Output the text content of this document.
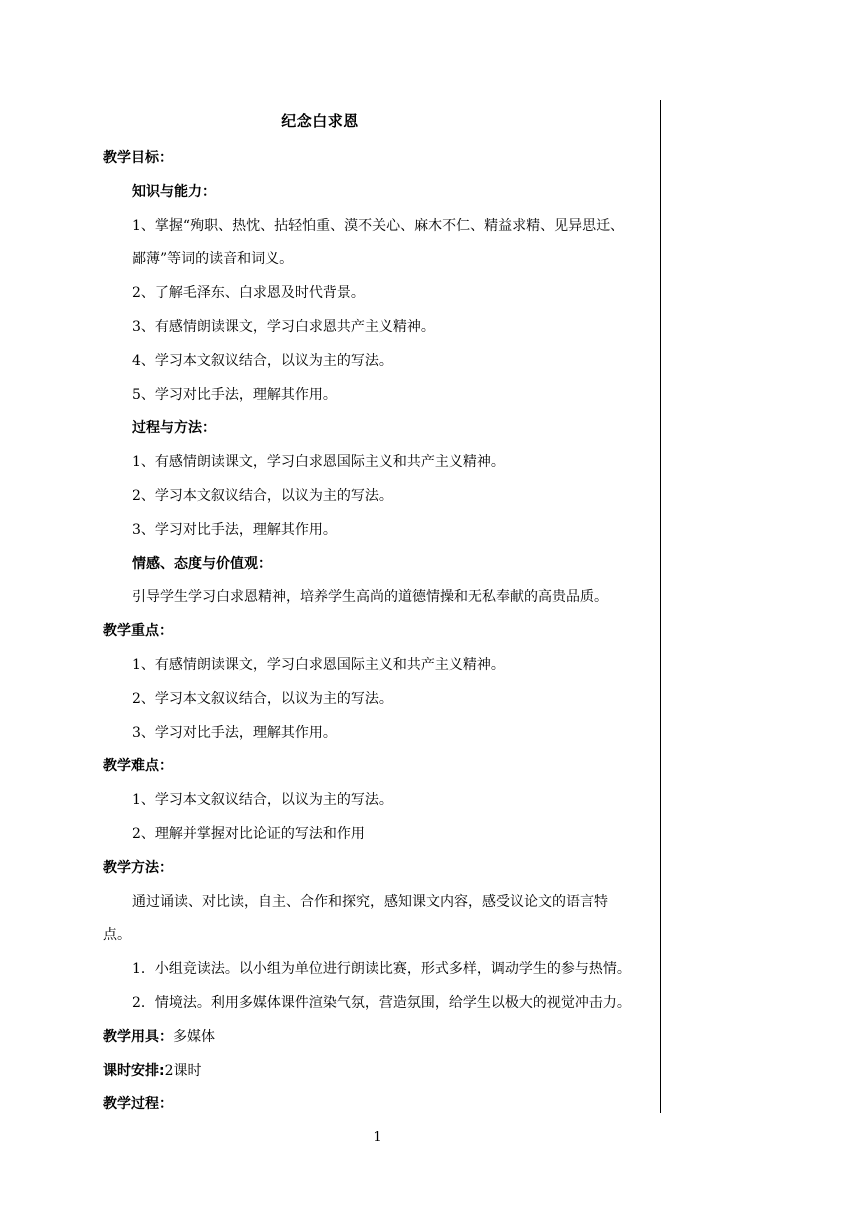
纪念白求恩
教学目标：
知识与能力：
1、掌握“殉职、热忱、拈轻怕重、漠不关心、麻木不仁、精益求精、见异思迁、
鄙薄”等词的读音和词义。
2、了解毛泽东、白求恩及时代背景。
3、有感情朗读课文，学习白求恩共产主义精神。
4、学习本文叙议结合，以议为主的写法。
5、学习对比手法，理解其作用。
过程与方法：
1、有感情朗读课文，学习白求恩国际主义和共产主义精神。
2、学习本文叙议结合，以议为主的写法。
3、学习对比手法，理解其作用。
情感、态度与价值观：
引导学生学习白求恩精神，培养学生高尚的道德情操和无私奉献的高贵品质。
教学重点：
1、有感情朗读课文，学习白求恩国际主义和共产主义精神。
2、学习本文叙议结合，以议为主的写法。
3、学习对比手法，理解其作用。
教学难点：
1、学习本文叙议结合，以议为主的写法。
2、理解并掌握对比论证的写法和作用
教学方法：
通过诵读、对比读，自主、合作和探究，感知课文内容，感受议论文的语言特
点。
1．小组竞读法。以小组为单位进行朗读比赛，形式多样，调动学生的参与热情。
2．情境法。利用多媒体课件渲染气氛，营造氛围，给学生以极大的视觉冲击力。
教学用具：多媒体
课时安排:2课时
教学过程：
1
